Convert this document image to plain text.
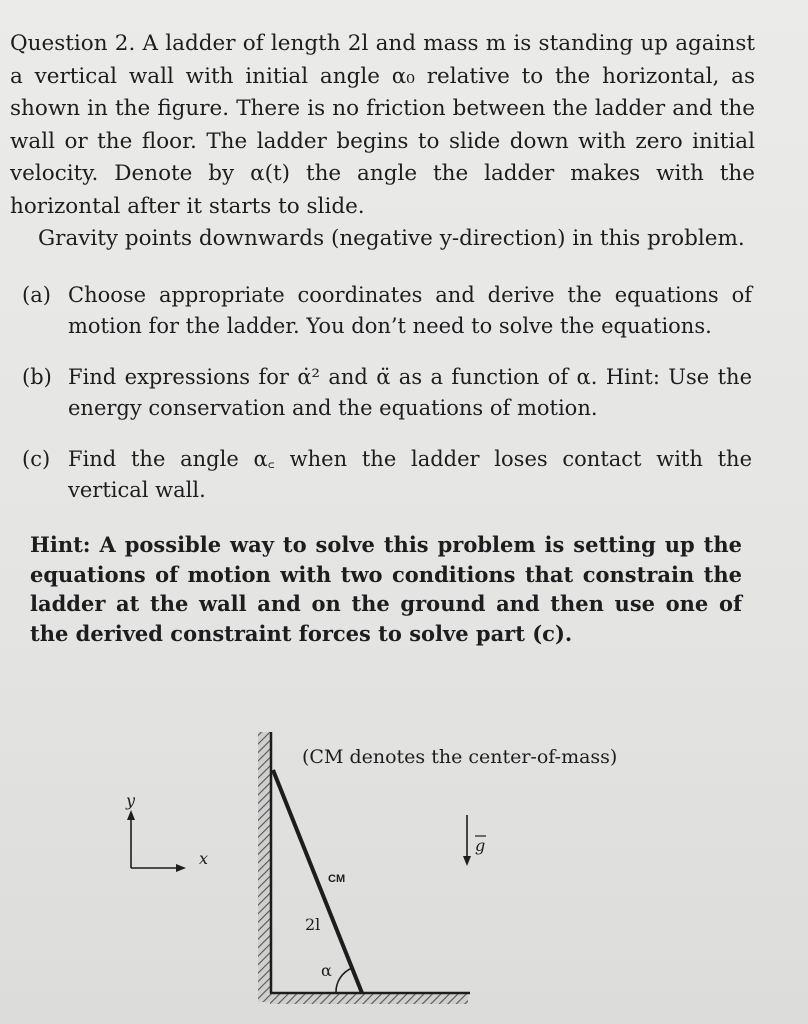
Question 2. A ladder of length 2l and mass m is standing up against a vertical wall with initial angle α₀ relative to the horizontal, as shown in the figure. There is no friction between the ladder and the wall or the floor. The ladder begins to slide down with zero initial velocity. Denote by α(t) the angle the ladder makes with the horizontal after it starts to slide.

Gravity points downwards (negative y-direction) in this problem.

(a) Choose appropriate coordinates and derive the equations of motion for the ladder. You don’t need to solve the equations.
(b) Find expressions for α̇² and α̈ as a function of α. Hint: Use the energy conservation and the equations of motion.
(c) Find the angle α꜀ when the ladder loses contact with the vertical wall.

Hint: A possible way to solve this problem is setting up the equations of motion with two conditions that constrain the ladder at the wall and on the ground and then use one of the derived constraint forces to solve part (c).

CM
2l
α
(CM denotes the center-of-mass)
y
x
g
